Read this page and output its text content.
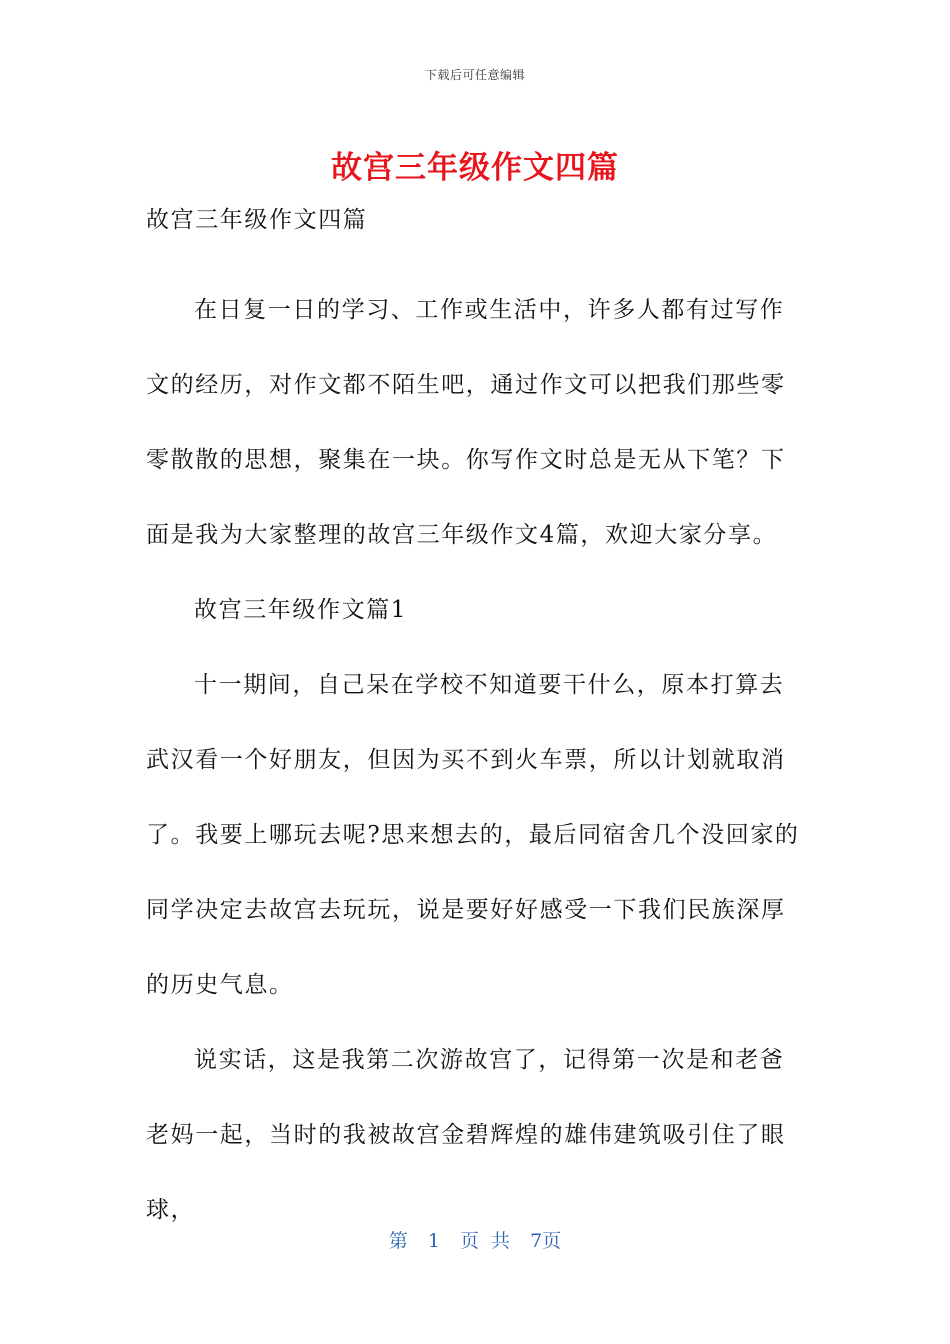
下载后可任意编辑
故宫三年级作文四篇

故宫三年级作文四篇

在日复一日的学习、工作或生活中，许多人都有过写作文的经历，对作文都不陌生吧，通过作文可以把我们那些零零散散的思想，聚集在一块。你写作文时总是无从下笔？下面是我为大家整理的故宫三年级作文4篇，欢迎大家分享。

故宫三年级作文篇1

十一期间，自己呆在学校不知道要干什么，原本打算去武汉看一个好朋友，但因为买不到火车票，所以计划就取消了。我要上哪玩去呢?思来想去的，最后同宿舍几个没回家的同学决定去故宫去玩玩，说是要好好感受一下我们民族深厚的历史气息。

说实话，这是我第二次游故宫了，记得第一次是和老爸老妈一起，当时的我被故宫金碧辉煌的雄伟建筑吸引住了眼球，

第 1 页 共 7页
